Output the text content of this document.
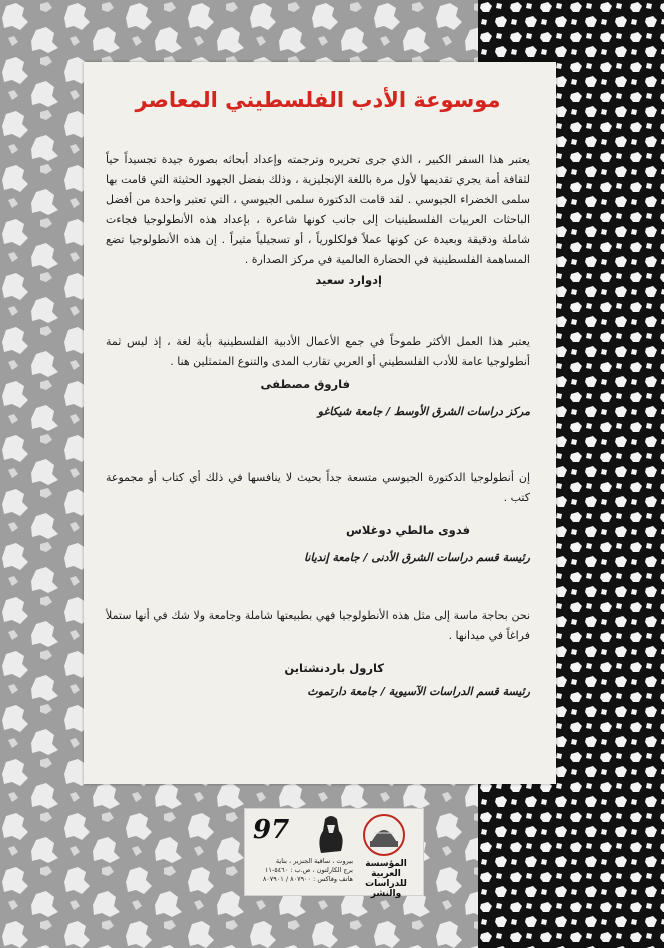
موسوعة الأدب الفلسطيني المعاصر

يعتبر هذا السفر الكبير ، الذي جرى تحريره وترجمته وإعداد أبحاثه بصورة جيدة تجسيداً حياً لثقافة أمة يجري تقديمها لأول مرة باللغة الإنجليزية ، وذلك بفضل الجهود الحثيثة التي قامت بها سلمى الخضراء الجيوسي . لقد قامت الدكتورة سلمى الجيوسي ، التي تعتبر واحدة من أفضل الباحثات العربيات الفلسطينيات إلى جانب كونها شاعرة ، بإعداد هذه الأنطولوجيا فجاءت شاملة ودقيقة وبعيدة عن كونها عملاً فولكلورياً ، أو تسجيلياً مثيراً . إن هذه الأنطولوجيا تضع المساهمة الفلسطينية في الحضارة العالمية في مركز الصدارة .

إدوارد سعيد

يعتبر هذا العمل الأكثر طموحاً في جمع الأعمال الأدبية الفلسطينية بأية لغة ، إذ ليس ثمة أنطولوجيا عامة للأدب الفلسطيني أو العربي تقارب المدى والتنوع المتمثلين هنا .

فاروق مصطفى

مركز دراسات الشرق الأوسط / جامعة شيكاغو

إن أنطولوجيا الدكتورة الجيوسي متسعة جداً بحيث لا ينافسها في ذلك أي كتاب أو مجموعة كتب .

فدوى مالطي دوغلاس

رئيسة قسم دراسات الشرق الأدنى / جامعة إنديانا

نحن بحاجة ماسة إلى مثل هذه الأنطولوجيا فهي بطبيعتها شاملة وجامعة ولا شك في أنها ستملأ فراغاً في ميدانها .

كارول باردنشتاين

رئيسة قسم الدراسات الآسيوية / جامعة دارتموث

97

المؤسسة العربية للدراسات والنشر

بيروت ، ساقية الجنزير ، بناية
برج الكارلتون ، ص.ب : ٥٤٦٠-١١
هاتف وفاكس : ٨٠٧٩٠٠ / ٨٠٧٩٠١
